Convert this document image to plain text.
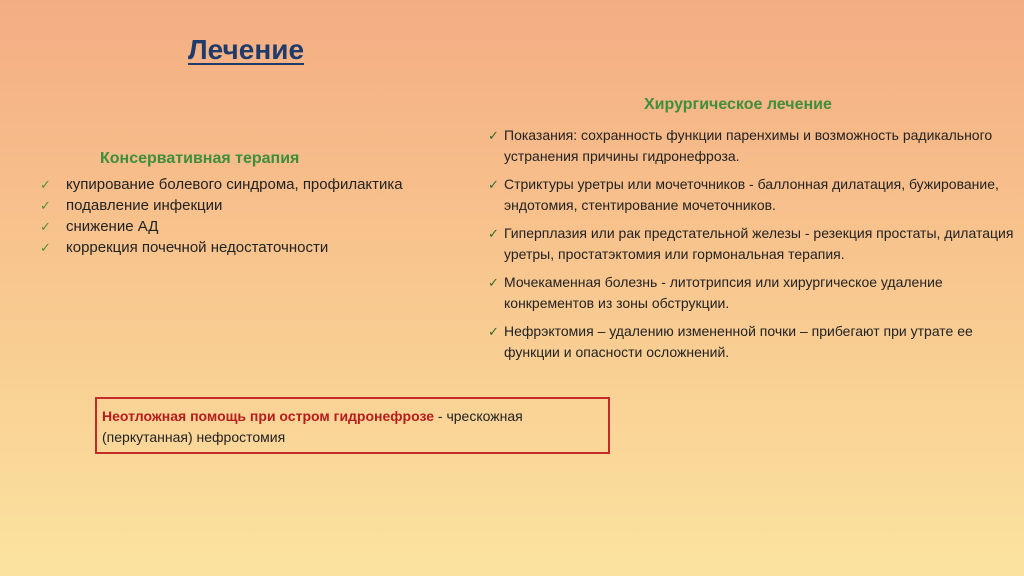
Лечение
Консервативная терапия
✓ купирование болевого синдрома, профилактика
✓ подавление инфекции
✓ снижение АД
✓ коррекция почечной недостаточности
Хирургическое лечение
✓ Показания: сохранность функции паренхимы и возможность радикального устранения причины гидронефроза.
✓ Стриктуры уретры или мочеточников - баллонная дилатация, бужирование, эндотомия, стентирование мочеточников.
✓ Гиперплазия или рак предстательной железы - резекция простаты, дилатация уретры, простатэктомия или гормональная терапия.
✓ Мочекаменная болезнь - литотрипсия или хирургическое удаление конкрементов из зоны обструкции.
✓ Нефрэктомия – удалению измененной почки – прибегают при утрате ее функции и опасности осложнений.
Неотложная помощь при остром гидронефрозе - чрескожная (перкутанная) нефростомия
